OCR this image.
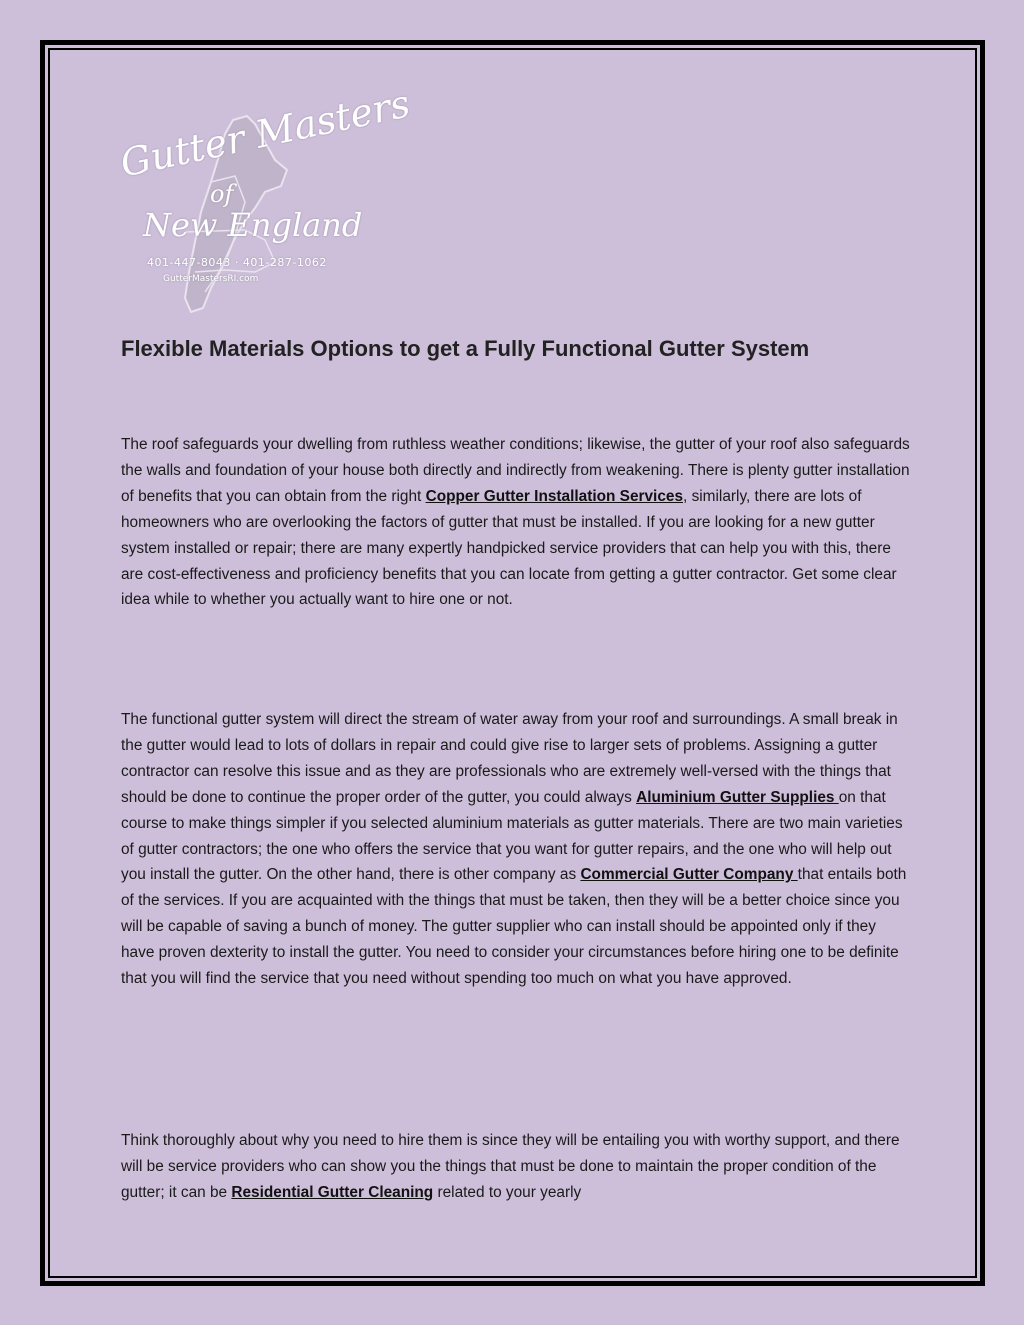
Gutter Masters
of
New England
401-447-8043 · 401-287-1062
GutterMastersRI.com
Flexible Materials Options to get a Fully Functional Gutter System

The roof safeguards your dwelling from ruthless weather conditions; likewise, the gutter of your roof also safeguards the walls and foundation of your house both directly and indirectly from weakening. There is plenty gutter installation of benefits that you can obtain from the right Copper Gutter Installation Services, similarly, there are lots of homeowners who are overlooking the factors of gutter that must be installed. If you are looking for a new gutter system installed or repair; there are many expertly handpicked service providers that can help you with this, there are cost-effectiveness and proficiency benefits that you can locate from getting a gutter contractor. Get some clear idea while to whether you actually want to hire one or not.

The functional gutter system will direct the stream of water away from your roof and surroundings. A small break in the gutter would lead to lots of dollars in repair and could give rise to larger sets of problems. Assigning a gutter contractor can resolve this issue and as they are professionals who are extremely well-versed with the things that should be done to continue the proper order of the gutter, you could always Aluminium Gutter Supplies on that course to make things simpler if you selected aluminium materials as gutter materials. There are two main varieties of gutter contractors; the one who offers the service that you want for gutter repairs, and the one who will help out you install the gutter. On the other hand, there is other company as Commercial Gutter Company that entails both of the services. If you are acquainted with the things that must be taken, then they will be a better choice since you will be capable of saving a bunch of money. The gutter supplier who can install should be appointed only if they have proven dexterity to install the gutter. You need to consider your circumstances before hiring one to be definite that you will find the service that you need without spending too much on what you have approved.

Think thoroughly about why you need to hire them is since they will be entailing you with worthy support, and there will be service providers who can show you the things that must be done to maintain the proper condition of the gutter; it can be Residential Gutter Cleaning related to your yearly
